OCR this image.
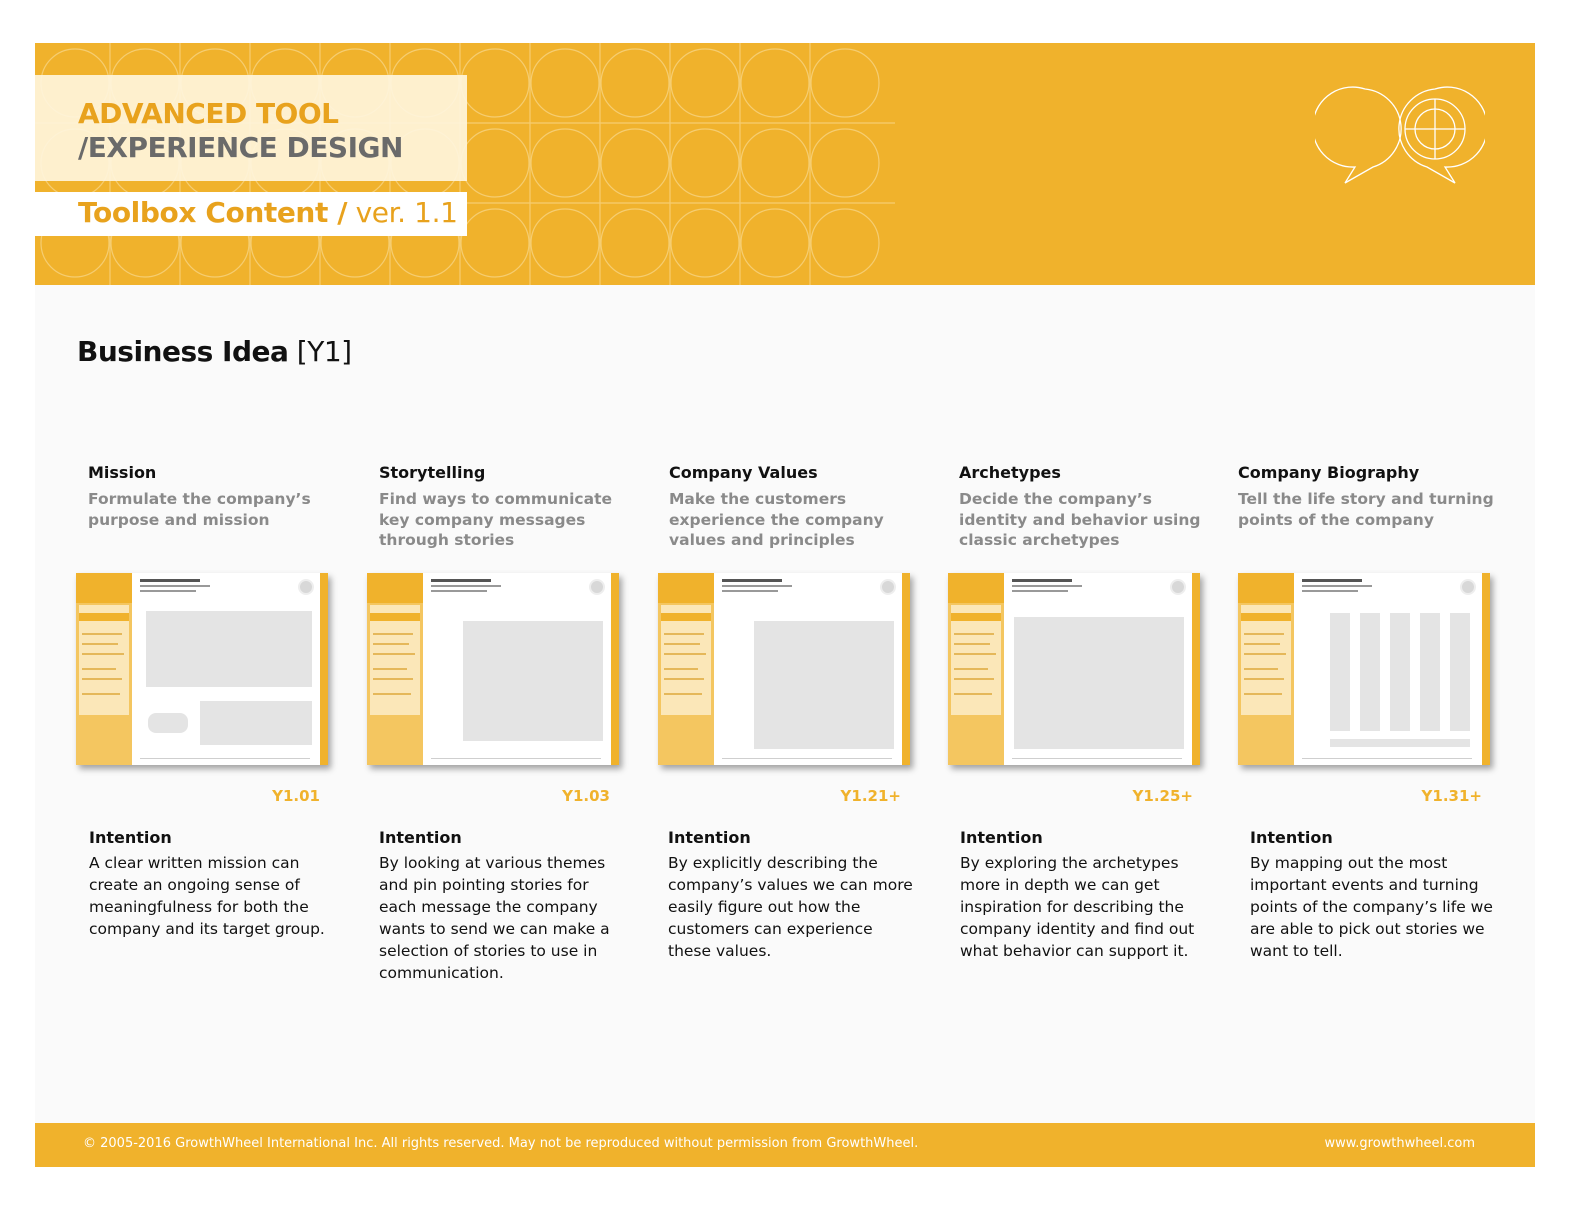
ADVANCED TOOL
/EXPERIENCE DESIGN
Toolbox Content / ver. 1.1
Business Idea [Y1]
Mission
Formulate the company’s purpose and mission
Y1.01
Intention
A clear written mission can create an ongoing sense of meaningfulness for both the company and its target group.
Storytelling
Find ways to communicate key company messages through stories
Y1.03
Intention
By looking at various themes and pin pointing stories for each message the company wants to send we can make a selection of stories to use in communication.
Company Values
Make the customers experience the company values and principles
Y1.21+
Intention
By explicitly describing the company’s values we can more easily figure out how the customers can experience these values.
Archetypes
Decide the company’s identity and behavior using classic archetypes
Y1.25+
Intention
By exploring the archetypes more in depth we can get inspiration for describing the company identity and find out what behavior can support it.
Company Biography
Tell the life story and turning points of the company
Y1.31+
Intention
By mapping out the most important events and turning points of the company’s life we are able to pick out stories we want to tell.
© 2005-2016 GrowthWheel International Inc. All rights reserved. May not be reproduced without permission from GrowthWheel.	www.growthwheel.com
